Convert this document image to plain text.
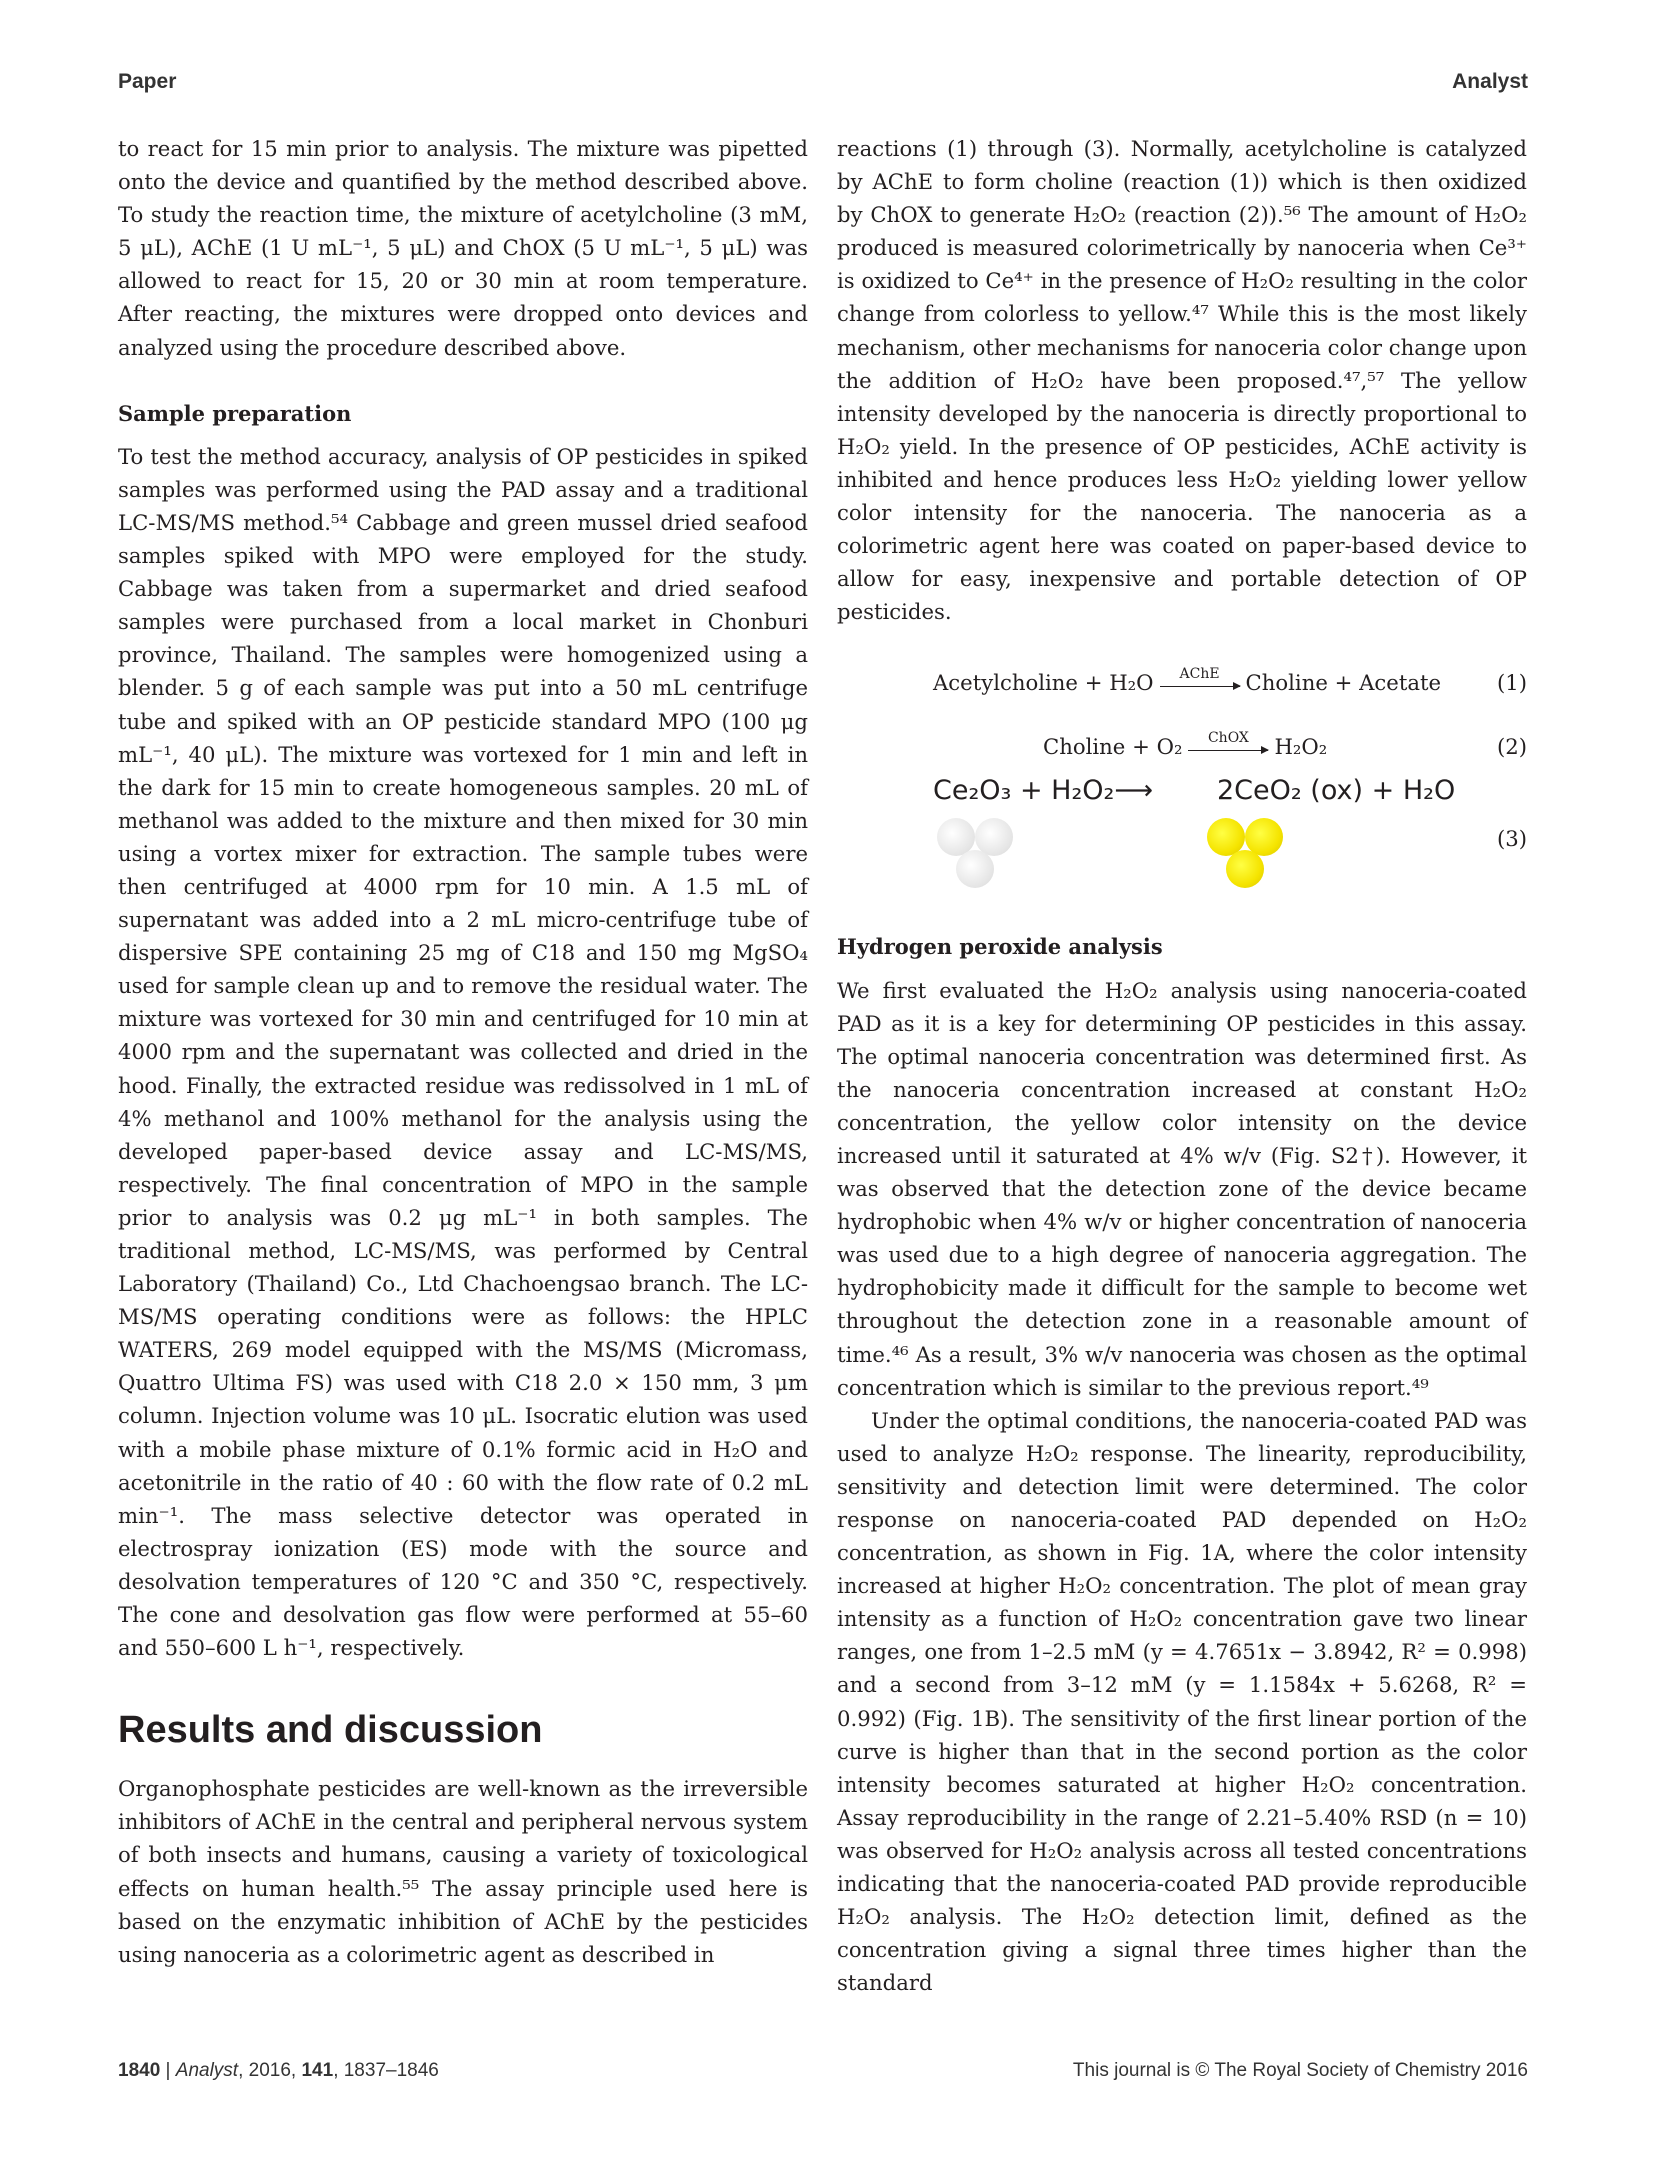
Paper	Analyst

to react for 15 min prior to analysis. The mixture was pipetted onto the device and quantified by the method described above. To study the reaction time, the mixture of acetylcholine (3 mM, 5 μL), AChE (1 U mL⁻¹, 5 μL) and ChOX (5 U mL⁻¹, 5 μL) was allowed to react for 15, 20 or 30 min at room temperature. After reacting, the mixtures were dropped onto devices and analyzed using the procedure described above.

Sample preparation

To test the method accuracy, analysis of OP pesticides in spiked samples was performed using the PAD assay and a traditional LC-MS/MS method.⁵⁴ Cabbage and green mussel dried seafood samples spiked with MPO were employed for the study. Cabbage was taken from a supermarket and dried seafood samples were purchased from a local market in Chonburi province, Thailand. The samples were homogenized using a blender. 5 g of each sample was put into a 50 mL centrifuge tube and spiked with an OP pesticide standard MPO (100 μg mL⁻¹, 40 μL). The mixture was vortexed for 1 min and left in the dark for 15 min to create homogeneous samples. 20 mL of methanol was added to the mixture and then mixed for 30 min using a vortex mixer for extraction. The sample tubes were then centrifuged at 4000 rpm for 10 min. A 1.5 mL of supernatant was added into a 2 mL micro-centrifuge tube of dispersive SPE containing 25 mg of C18 and 150 mg MgSO₄ used for sample clean up and to remove the residual water. The mixture was vortexed for 30 min and centrifuged for 10 min at 4000 rpm and the supernatant was collected and dried in the hood. Finally, the extracted residue was redissolved in 1 mL of 4% methanol and 100% methanol for the analysis using the developed paper-based device assay and LC-MS/MS, respectively. The final concentration of MPO in the sample prior to analysis was 0.2 μg mL⁻¹ in both samples. The traditional method, LC-MS/MS, was performed by Central Laboratory (Thailand) Co., Ltd Chachoengsao branch. The LC-MS/MS operating conditions were as follows: the HPLC WATERS, 269 model equipped with the MS/MS (Micromass, Quattro Ultima FS) was used with C18 2.0 × 150 mm, 3 μm column. Injection volume was 10 μL. Isocratic elution was used with a mobile phase mixture of 0.1% formic acid in H₂O and acetonitrile in the ratio of 40 : 60 with the flow rate of 0.2 mL min⁻¹. The mass selective detector was operated in electrospray ionization (ES) mode with the source and desolvation temperatures of 120 °C and 350 °C, respectively. The cone and desolvation gas flow were performed at 55–60 and 550–600 L h⁻¹, respectively.

Results and discussion

Organophosphate pesticides are well-known as the irreversible inhibitors of AChE in the central and peripheral nervous system of both insects and humans, causing a variety of toxicological effects on human health.⁵⁵ The assay principle used here is based on the enzymatic inhibition of AChE by the pesticides using nanoceria as a colorimetric agent as described in

reactions (1) through (3). Normally, acetylcholine is catalyzed by AChE to form choline (reaction (1)) which is then oxidized by ChOX to generate H₂O₂ (reaction (2)).⁵⁶ The amount of H₂O₂ produced is measured colorimetrically by nanoceria when Ce³⁺ is oxidized to Ce⁴⁺ in the presence of H₂O₂ resulting in the color change from colorless to yellow.⁴⁷ While this is the most likely mechanism, other mechanisms for nanoceria color change upon the addition of H₂O₂ have been proposed.⁴⁷,⁵⁷ The yellow intensity developed by the nanoceria is directly proportional to H₂O₂ yield. In the presence of OP pesticides, AChE activity is inhibited and hence produces less H₂O₂ yielding lower yellow color intensity for the nanoceria. The nanoceria as a colorimetric agent here was coated on paper-based device to allow for easy, inexpensive and portable detection of OP pesticides.

Acetylcholine + H₂O	AChE	Choline + Acetate	(1)
Choline + O₂	ChOX	H₂O₂	(2)
Ce₂O₃ + H₂O₂⟶ 2CeO₂ (ox) + H₂O
(3)

Hydrogen peroxide analysis

We first evaluated the H₂O₂ analysis using nanoceria-coated PAD as it is a key for determining OP pesticides in this assay. The optimal nanoceria concentration was determined first. As the nanoceria concentration increased at constant H₂O₂ concentration, the yellow color intensity on the device increased until it saturated at 4% w/v (Fig. S2†). However, it was observed that the detection zone of the device became hydrophobic when 4% w/v or higher concentration of nanoceria was used due to a high degree of nanoceria aggregation. The hydrophobicity made it difficult for the sample to become wet throughout the detection zone in a reasonable amount of time.⁴⁶ As a result, 3% w/v nanoceria was chosen as the optimal concentration which is similar to the previous report.⁴⁹

Under the optimal conditions, the nanoceria-coated PAD was used to analyze H₂O₂ response. The linearity, reproducibility, sensitivity and detection limit were determined. The color response on nanoceria-coated PAD depended on H₂O₂ concentration, as shown in Fig. 1A, where the color intensity increased at higher H₂O₂ concentration. The plot of mean gray intensity as a function of H₂O₂ concentration gave two linear ranges, one from 1–2.5 mM (y = 4.7651x − 3.8942, R² = 0.998) and a second from 3–12 mM (y = 1.1584x + 5.6268, R² = 0.992) (Fig. 1B). The sensitivity of the first linear portion of the curve is higher than that in the second portion as the color intensity becomes saturated at higher H₂O₂ concentration. Assay reproducibility in the range of 2.21–5.40% RSD (n = 10) was observed for H₂O₂ analysis across all tested concentrations indicating that the nanoceria-coated PAD provide reproducible H₂O₂ analysis. The H₂O₂ detection limit, defined as the concentration giving a signal three times higher than the standard

1840 | Analyst, 2016, 141, 1837–1846	This journal is © The Royal Society of Chemistry 2016
